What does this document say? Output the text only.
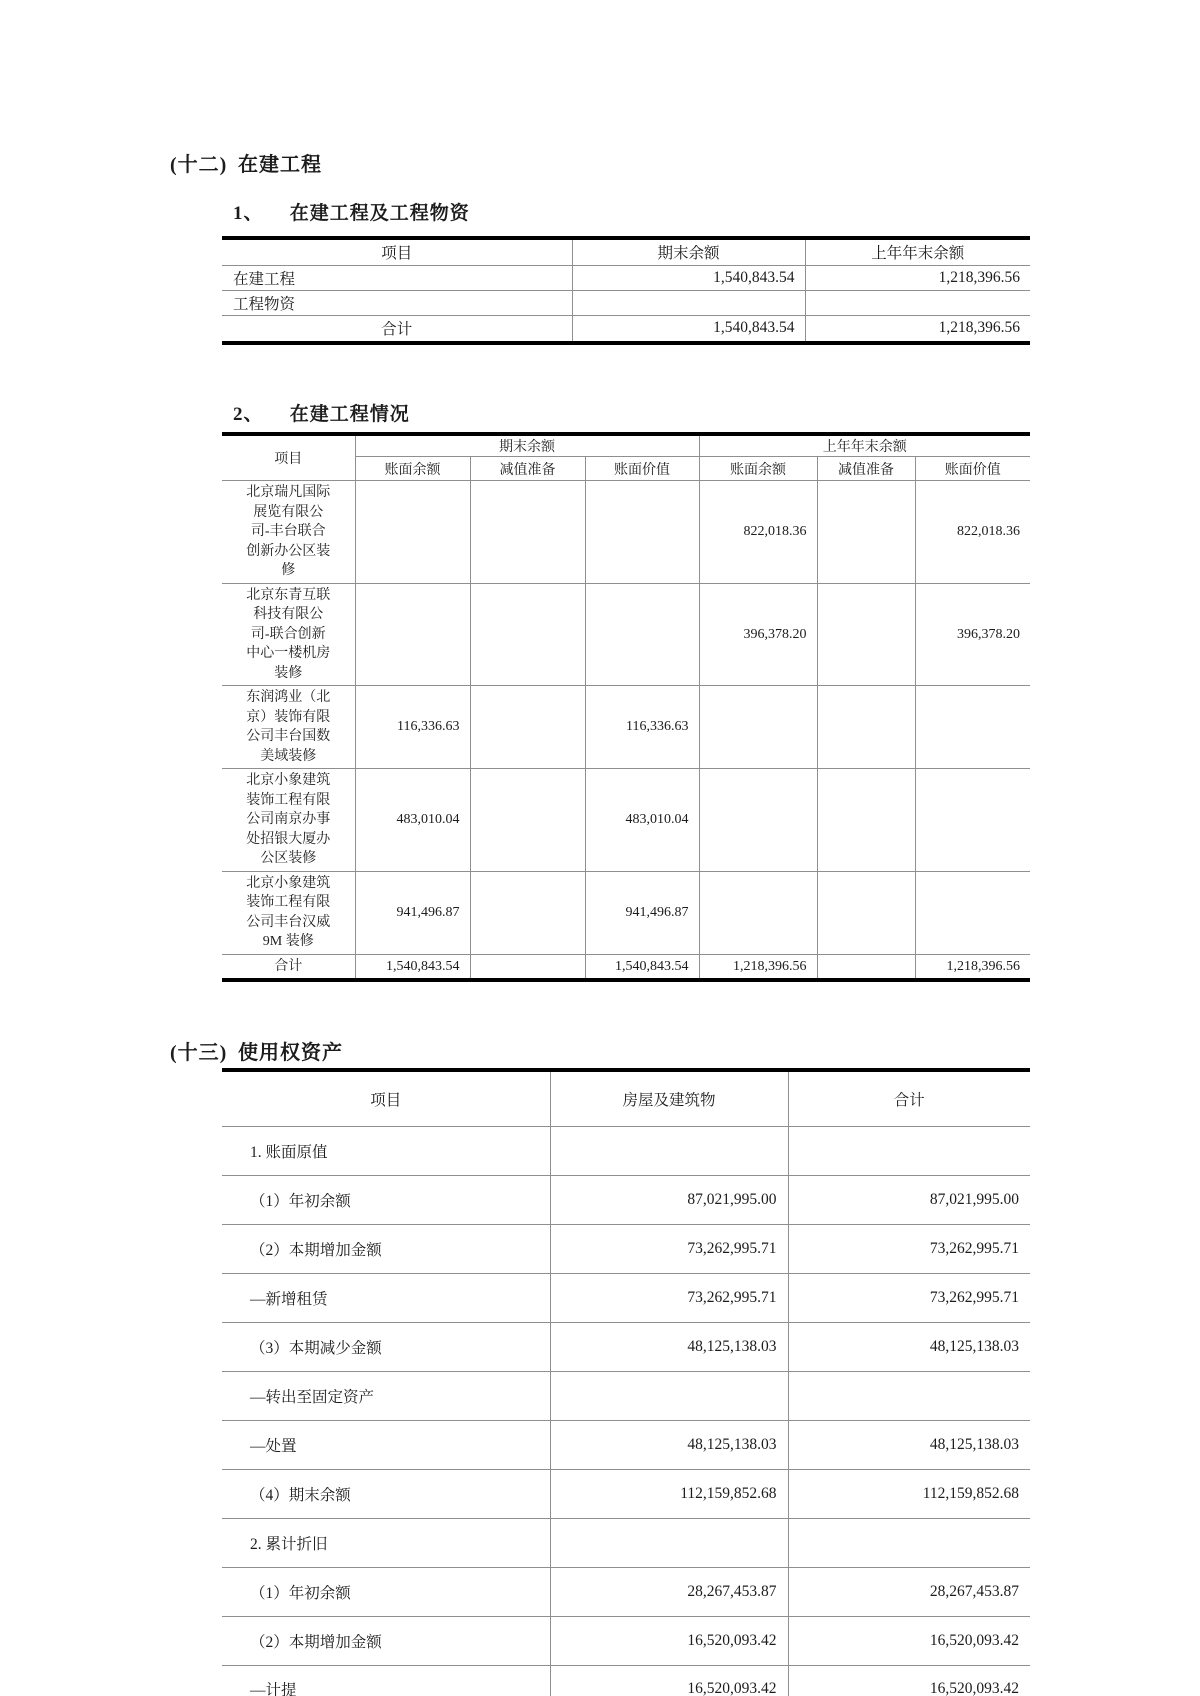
(十二) 在建工程
1、 在建工程及工程物资
项目	期末余额	上年年末余额
在建工程	1,540,843.54	1,218,396.56
工程物资		
合计	1,540,843.54	1,218,396.56
2、 在建工程情况
项目	期末余额			上年年末余额		
	账面余额	减值准备	账面价值	账面余额	减值准备	账面价值
北京瑞凡国际展览有限公司-丰台联合创新办公区装修				822,018.36		822,018.36
北京东青互联科技有限公司-联合创新中心一楼机房装修				396,378.20		396,378.20
东润鸿业（北京）装饰有限公司丰台国数美域装修	116,336.63		116,336.63			
北京小象建筑装饰工程有限公司南京办事处招银大厦办公区装修	483,010.04		483,010.04			
北京小象建筑装饰工程有限公司丰台汉威9M 装修	941,496.87		941,496.87			
合计	1,540,843.54		1,540,843.54	1,218,396.56		1,218,396.56
(十三) 使用权资产
项目	房屋及建筑物	合计
1. 账面原值		
（1）年初余额	87,021,995.00	87,021,995.00
（2）本期增加金额	73,262,995.71	73,262,995.71
—新增租赁	73,262,995.71	73,262,995.71
（3）本期减少金额	48,125,138.03	48,125,138.03
—转出至固定资产		
—处置	48,125,138.03	48,125,138.03
（4）期末余额	112,159,852.68	112,159,852.68
2. 累计折旧		
（1）年初余额	28,267,453.87	28,267,453.87
（2）本期增加金额	16,520,093.42	16,520,093.42
—计提	16,520,093.42	16,520,093.42
